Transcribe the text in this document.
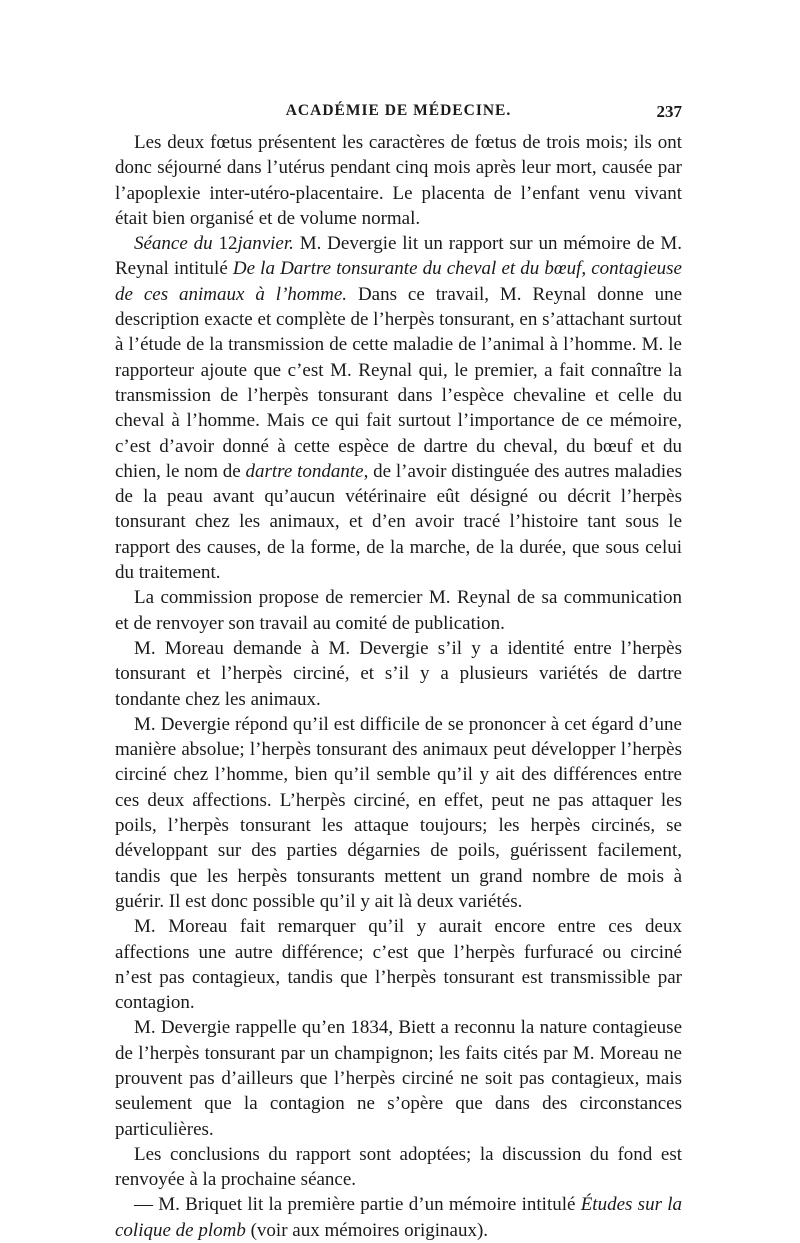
ACADÉMIE DE MÉDECINE.	237

Les deux fœtus présentent les caractères de fœtus de trois mois; ils ont donc séjourné dans l’utérus pendant cinq mois après leur mort, causée par l’apoplexie inter-utéro-placentaire. Le placenta de l’enfant venu vivant était bien organisé et de volume normal.

Séance du 12janvier. M. Devergie lit un rapport sur un mémoire de M. Reynal intitulé De la Dartre tonsurante du cheval et du bœuf, contagieuse de ces animaux à l’homme. Dans ce travail, M. Reynal donne une description exacte et complète de l’herpès tonsurant, en s’attachant surtout à l’étude de la transmission de cette maladie de l’animal à l’homme. M. le rapporteur ajoute que c’est M. Reynal qui, le premier, a fait connaître la transmission de l’herpès tonsurant dans l’espèce chevaline et celle du cheval à l’homme. Mais ce qui fait surtout l’importance de ce mémoire, c’est d’avoir donné à cette espèce de dartre du cheval, du bœuf et du chien, le nom de dartre tondante, de l’avoir distinguée des autres maladies de la peau avant qu’aucun vétérinaire eût désigné ou décrit l’herpès tonsurant chez les animaux, et d’en avoir tracé l’histoire tant sous le rapport des causes, de la forme, de la marche, de la durée, que sous celui du traitement.

La commission propose de remercier M. Reynal de sa communication et de renvoyer son travail au comité de publication.

M. Moreau demande à M. Devergie s’il y a identité entre l’herpès tonsurant et l’herpès circiné, et s’il y a plusieurs variétés de dartre tondante chez les animaux.

M. Devergie répond qu’il est difficile de se prononcer à cet égard d’une manière absolue; l’herpès tonsurant des animaux peut développer l’herpès circiné chez l’homme, bien qu’il semble qu’il y ait des différences entre ces deux affections. L’herpès circiné, en effet, peut ne pas attaquer les poils, l’herpès tonsurant les attaque toujours; les herpès circinés, se développant sur des parties dégarnies de poils, guérissent facilement, tandis que les herpès tonsurants mettent un grand nombre de mois à guérir. Il est donc possible qu’il y ait là deux variétés.

M. Moreau fait remarquer qu’il y aurait encore entre ces deux affections une autre différence; c’est que l’herpès furfuracé ou circiné n’est pas contagieux, tandis que l’herpès tonsurant est transmissible par contagion.

M. Devergie rappelle qu’en 1834, Biett a reconnu la nature contagieuse de l’herpès tonsurant par un champignon; les faits cités par M. Moreau ne prouvent pas d’ailleurs que l’herpès circiné ne soit pas contagieux, mais seulement que la contagion ne s’opère que dans des circonstances particulières.

Les conclusions du rapport sont adoptées; la discussion du fond est renvoyée à la prochaine séance.

— M. Briquet lit la première partie d’un mémoire intitulé Études sur la colique de plomb (voir aux mémoires originaux).
